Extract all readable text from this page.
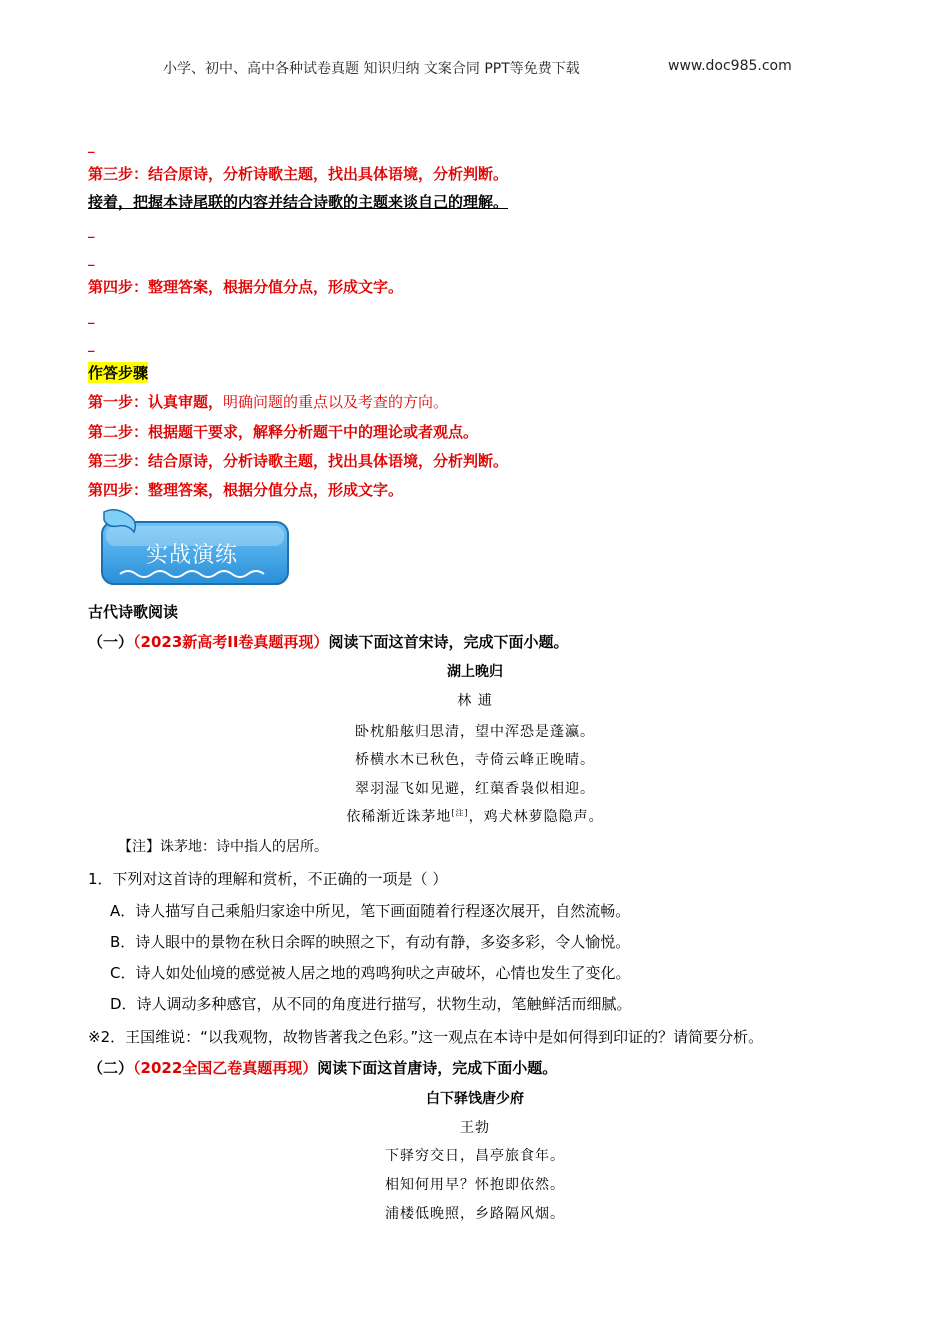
小学、初中、高中各种试卷真题 知识归纳 文案合同 PPT等免费下载	www.doc985.com
_
第三步：结合原诗，分析诗歌主题，找出具体语境，分析判断。
接着，把握本诗尾联的内容并结合诗歌的主题来谈自己的理解。
_
_
第四步：整理答案，根据分值分点，形成文字。
_
_
作答步骤
第一步：认真审题，明确问题的重点以及考查的方向。
第二步：根据题干要求，解释分析题干中的理论或者观点。
第三步：结合原诗，分析诗歌主题，找出具体语境，分析判断。
第四步：整理答案，根据分值分点，形成文字。
实战演练
古代诗歌阅读
（一）（2023新高考II卷真题再现）阅读下面这首宋诗，完成下面小题。
湖上晚归
林 逋
卧枕船舷归思清，望中浑恐是蓬瀛。
桥横水木已秋色，寺倚云峰正晚晴。
翠羽湿飞如见避，红蕖香袅似相迎。
依稀渐近诛茅地[注]，鸡犬林萝隐隐声。
【注】诛茅地：诗中指人的居所。
1．下列对这首诗的理解和赏析，不正确的一项是（ ）
A．诗人描写自己乘船归家途中所见，笔下画面随着行程逐次展开，自然流畅。
B．诗人眼中的景物在秋日余晖的映照之下，有动有静，多姿多彩，令人愉悦。
C．诗人如处仙境的感觉被人居之地的鸡鸣狗吠之声破坏，心情也发生了变化。
D．诗人调动多种感官，从不同的角度进行描写，状物生动，笔触鲜活而细腻。
※2．王国维说：“以我观物，故物皆著我之色彩。”这一观点在本诗中是如何得到印证的？请简要分析。
（二）（2022全国乙卷真题再现）阅读下面这首唐诗，完成下面小题。
白下驿饯唐少府
王勃
下驿穷交日，昌亭旅食年。
相知何用早？怀抱即依然。
浦楼低晚照，乡路隔风烟。
